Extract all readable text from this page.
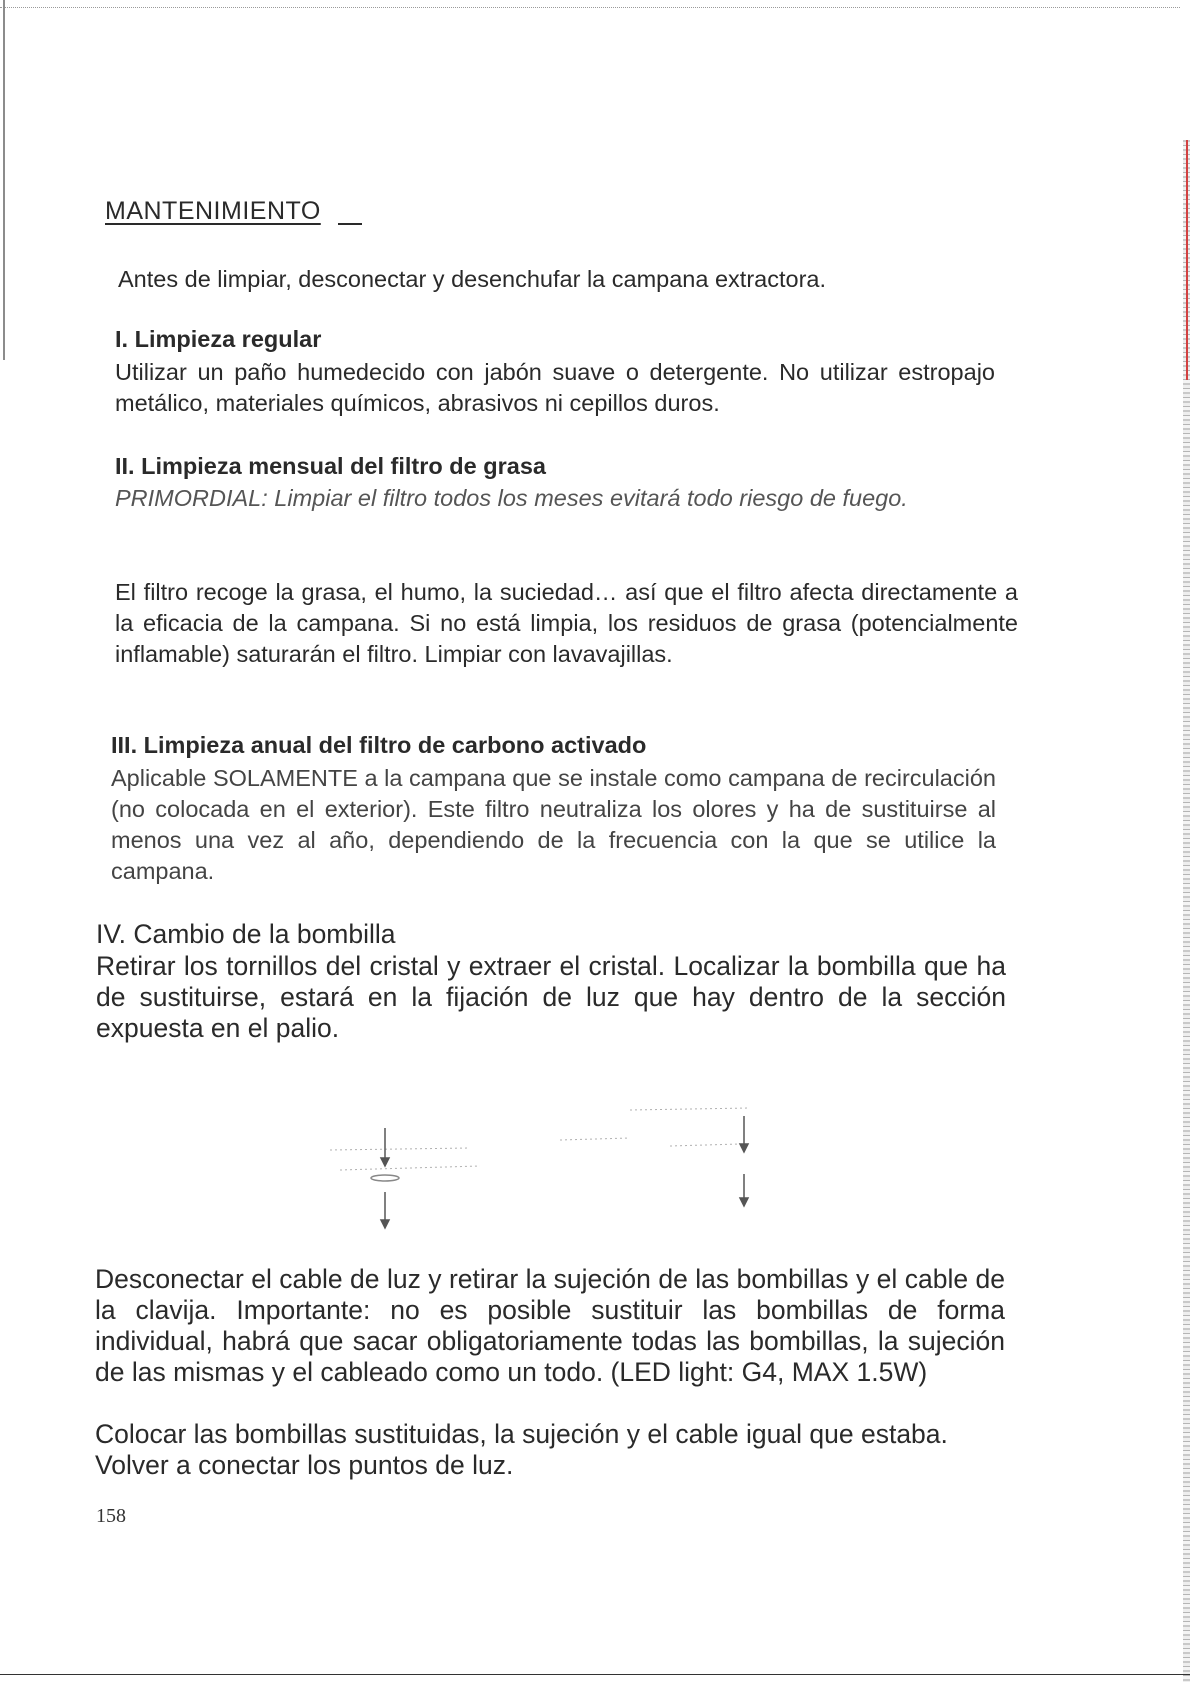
MANTENIMIENTO

Antes de limpiar, desconectar y desenchufar la campana extractora.

I. Limpieza regular

Utilizar un paño humedecido con jabón suave o detergente. No utilizar estropajo metálico, materiales químicos, abrasivos ni cepillos duros.

II. Limpieza mensual del filtro de grasa

PRIMORDIAL: Limpiar el filtro todos los meses evitará todo riesgo de fuego.

El filtro recoge la grasa, el humo, la suciedad… así que el filtro afecta directamente a la eficacia de la campana. Si no está limpia, los residuos de grasa (potencialmente inflamable) saturarán el filtro. Limpiar con lavavajillas.

III. Limpieza anual del filtro de carbono activado

Aplicable SOLAMENTE a la campana que se instale como campana de recirculación (no colocada en el exterior). Este filtro neutraliza los olores y ha de sustituirse al menos una vez al año, dependiendo de la frecuencia con la que se utilice la campana.

IV. Cambio de la bombilla

Retirar los tornillos del cristal y extraer el cristal. Localizar la bombilla que ha de sustituirse, estará en la fijación de luz que hay dentro de la sección expuesta en el palio.

Desconectar el cable de luz y retirar la sujeción de las bombillas y el cable de la clavija. Importante: no es posible sustituir las bombillas de forma individual, habrá que sacar obligatoriamente todas las bombillas, la sujeción de las mismas y el cableado como un todo. (LED light: G4, MAX 1.5W)

Colocar las bombillas sustituidas, la sujeción y el cable igual que estaba. Volver a conectar los puntos de luz.

158
